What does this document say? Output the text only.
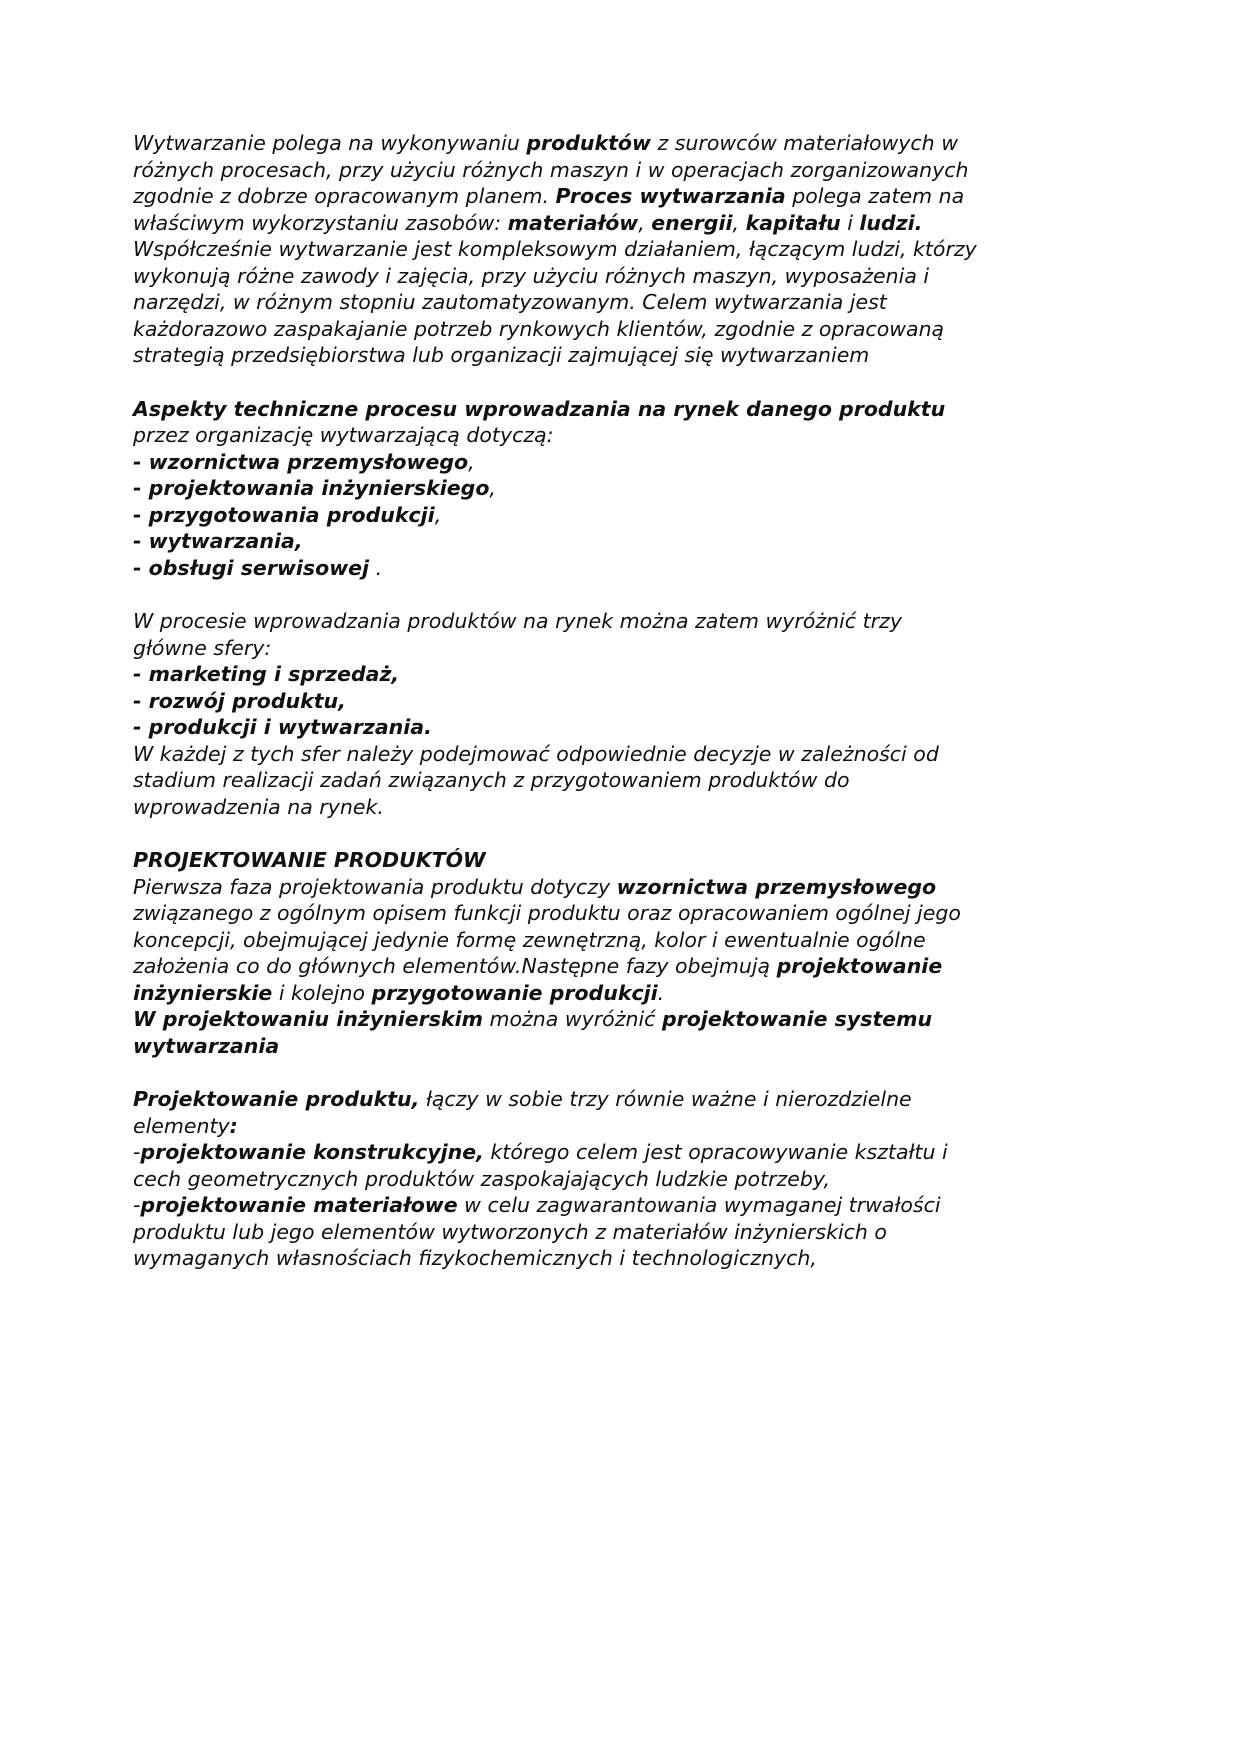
Wytwarzanie polega na wykonywaniu produktów z surowców materiałowych w różnych procesach, przy użyciu różnych maszyn i w operacjach zorganizowanych zgodnie z dobrze opracowanym planem. Proces wytwarzania polega zatem na właściwym wykorzystaniu zasobów: materiałów, energii, kapitału i ludzi. Współcześnie wytwarzanie jest kompleksowym działaniem, łączącym ludzi, którzy wykonują różne zawody i zajęcia, przy użyciu różnych maszyn, wyposażenia i narzędzi, w różnym stopniu zautomatyzowanym. Celem wytwarzania jest każdorazowo zaspakajanie potrzeb rynkowych klientów, zgodnie z opracowaną strategią przedsiębiorstwa lub organizacji zajmującej się wytwarzaniem

Aspekty techniczne procesu wprowadzania na rynek danego produktu
przez organizację wytwarzającą dotyczą:
- wzornictwa przemysłowego,
- projektowania inżynierskiego,
- przygotowania produkcji,
- wytwarzania,
- obsługi serwisowej .

W procesie wprowadzania produktów na rynek można zatem wyróżnić trzy główne sfery:
- marketing i sprzedaż,
- rozwój produktu,
- produkcji i wytwarzania.
W każdej z tych sfer należy podejmować odpowiednie decyzje w zależności od stadium realizacji zadań związanych z przygotowaniem produktów do wprowadzenia na rynek.

PROJEKTOWANIE PRODUKTÓW
Pierwsza faza projektowania produktu dotyczy wzornictwa przemysłowego związanego z ogólnym opisem funkcji produktu oraz opracowaniem ogólnej jego koncepcji, obejmującej jedynie formę zewnętrzną, kolor i ewentualnie ogólne założenia co do głównych elementów.Następne fazy obejmują projektowanie inżynierskie i kolejno przygotowanie produkcji.
W projektowaniu inżynierskim można wyróżnić projektowanie systemu wytwarzania

Projektowanie produktu, łączy w sobie trzy równie ważne i nierozdzielne elementy:
-projektowanie konstrukcyjne, którego celem jest opracowywanie kształtu i cech geometrycznych produktów zaspokajających ludzkie potrzeby,
-projektowanie materiałowe w celu zagwarantowania wymaganej trwałości produktu lub jego elementów wytworzonych z materiałów inżynierskich o wymaganych własnościach fizykochemicznych i technologicznych,
